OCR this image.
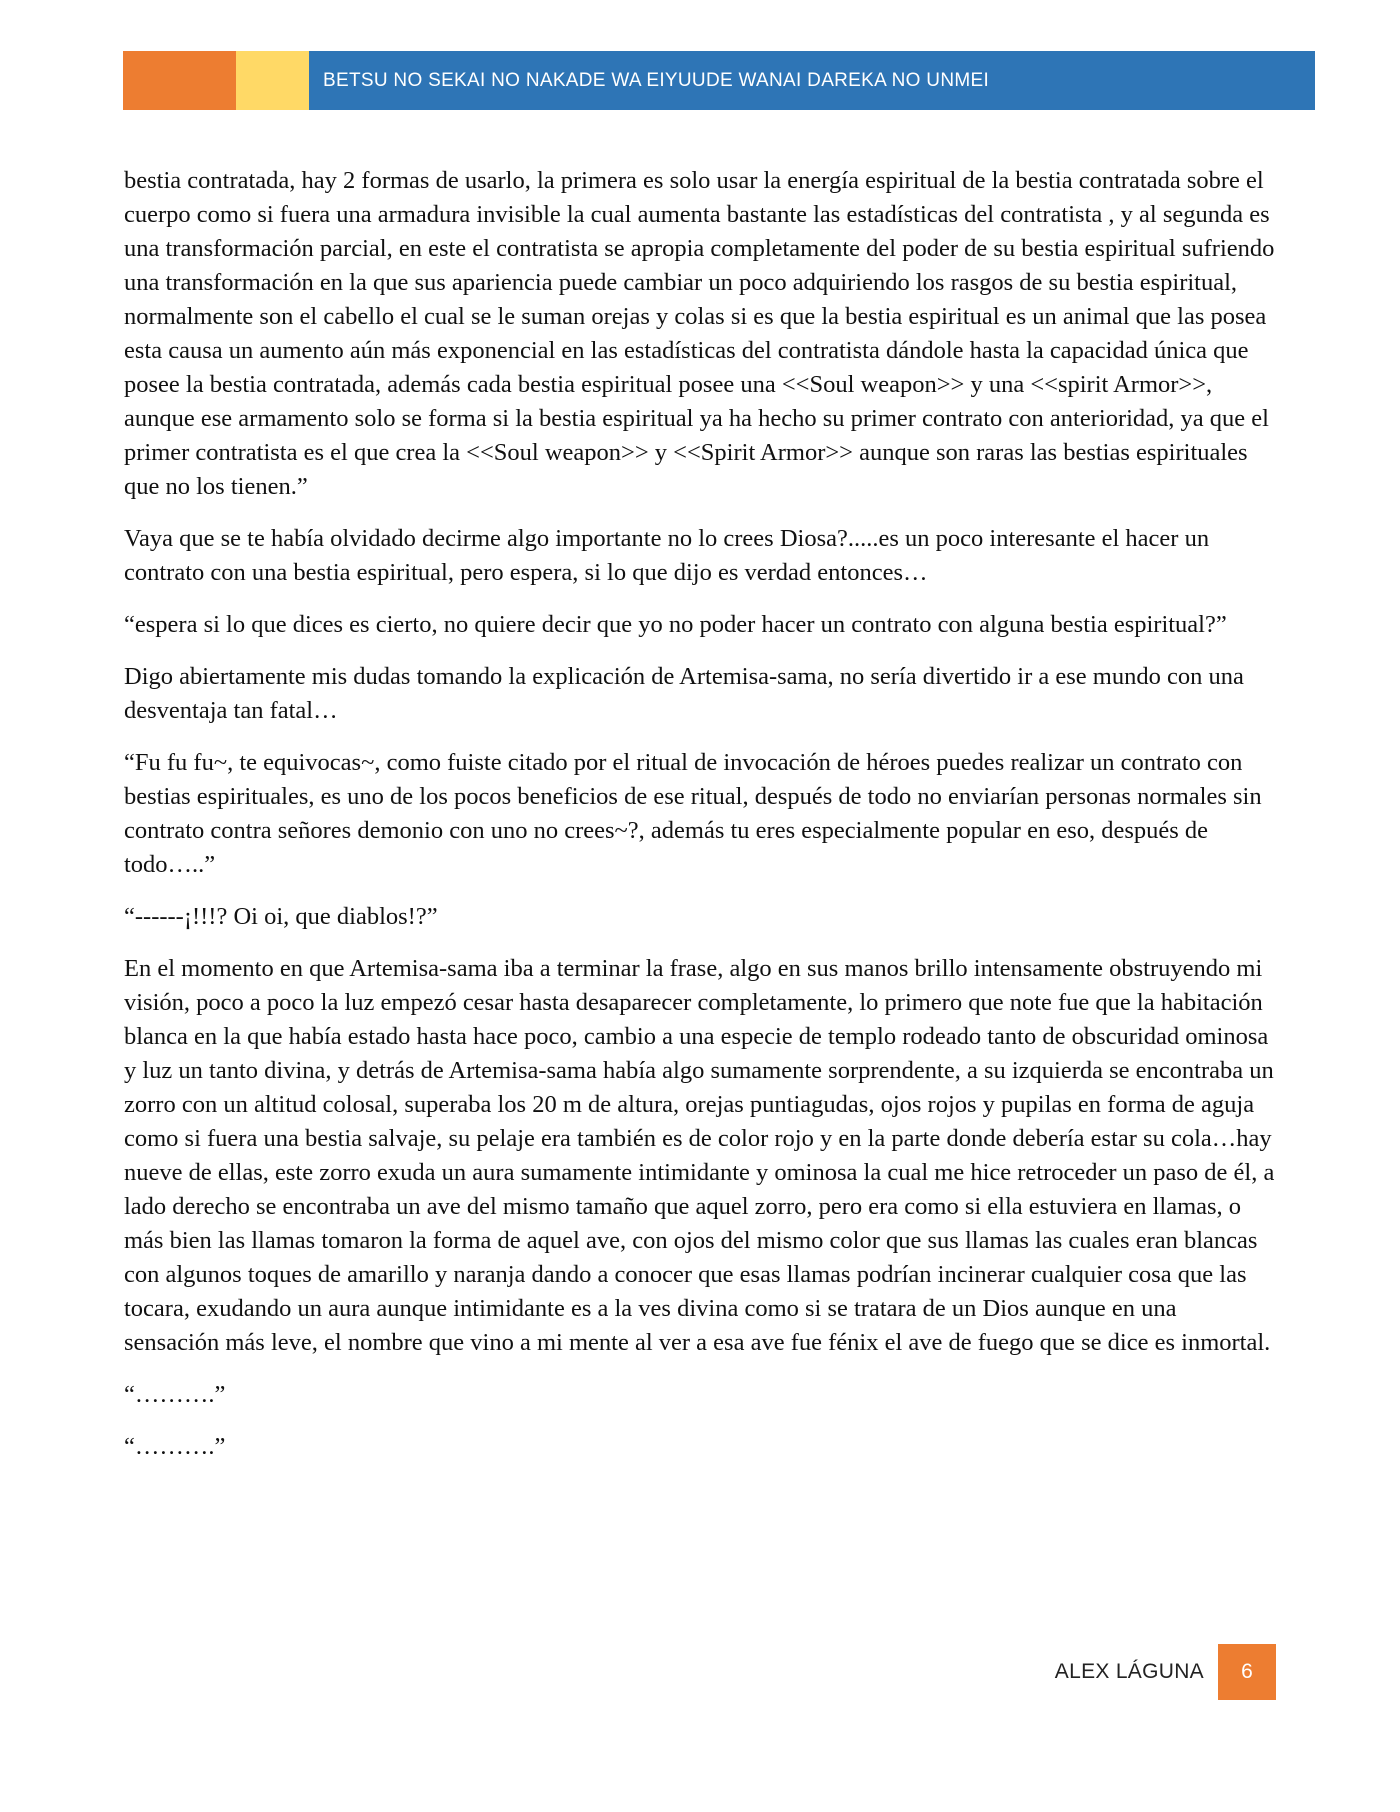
BETSU NO SEKAI NO NAKADE WA EIYUUDE WANAI DAREKA NO UNMEI

bestia contratada, hay 2 formas de usarlo, la primera es solo usar la energía espiritual de la bestia contratada sobre el cuerpo como si fuera una armadura invisible la cual aumenta bastante las estadísticas del contratista , y al segunda es una transformación parcial, en este el contratista se apropia completamente del poder de su bestia espiritual sufriendo una transformación en la que sus apariencia puede cambiar un poco adquiriendo los rasgos de su bestia espiritual, normalmente son el cabello el cual se le suman orejas y colas si es que la bestia espiritual es un animal que las posea esta causa un aumento aún más exponencial en las estadísticas del contratista dándole hasta la capacidad única que posee la bestia contratada, además cada bestia espiritual posee una <<Soul weapon>> y una <<spirit Armor>>, aunque ese armamento solo se forma si la bestia espiritual ya ha hecho su primer contrato con anterioridad, ya que el primer contratista es el que crea la <<Soul weapon>> y <<Spirit Armor>> aunque son raras las bestias espirituales que no los tienen.”

Vaya que se te había olvidado decirme algo importante no lo crees Diosa?.....es un poco interesante el hacer un contrato con una bestia espiritual, pero espera, si lo que dijo es verdad entonces…

“espera si lo que dices es cierto, no quiere decir que yo no poder hacer un contrato con alguna bestia espiritual?”

Digo abiertamente mis dudas tomando la explicación de Artemisa-sama, no sería divertido ir a ese mundo con una desventaja tan fatal…

“Fu fu fu~, te equivocas~, como fuiste citado por el ritual de invocación de héroes puedes realizar un contrato con bestias espirituales, es uno de los pocos beneficios de ese ritual, después de todo no enviarían personas normales sin contrato contra señores demonio con uno no crees~?, además tu eres especialmente popular en eso, después de todo…..”

“------¡!!!? Oi oi, que diablos!?”

En el momento en que Artemisa-sama iba a terminar la frase, algo en sus manos brillo intensamente obstruyendo mi visión, poco a poco la luz empezó cesar hasta desaparecer completamente, lo primero que note fue que la habitación blanca en la que había estado hasta hace poco, cambio a una especie de templo rodeado tanto de obscuridad ominosa y luz un tanto divina, y detrás de Artemisa-sama había algo sumamente sorprendente, a su izquierda se encontraba un zorro con un altitud colosal, superaba los 20 m de altura, orejas puntiagudas, ojos rojos y pupilas en forma de aguja como si fuera una bestia salvaje, su pelaje era también es de color rojo y en la parte donde debería estar su cola…hay nueve de ellas, este zorro exuda un aura sumamente intimidante y ominosa la cual me hice retroceder un paso de él, a lado derecho se encontraba un ave del mismo tamaño que aquel zorro, pero era como si ella estuviera en llamas, o más bien las llamas tomaron la forma de aquel ave, con ojos del mismo color que sus llamas las cuales eran blancas con algunos toques de amarillo y naranja dando a conocer que esas llamas podrían incinerar cualquier cosa que las tocara, exudando un aura aunque intimidante es a la ves divina como si se tratara de un Dios aunque en una sensación más leve, el nombre que vino a mi mente al ver a esa ave fue fénix el ave de fuego que se dice es inmortal.

“……….”

“……….”

ALEX LÁGUNA	6
